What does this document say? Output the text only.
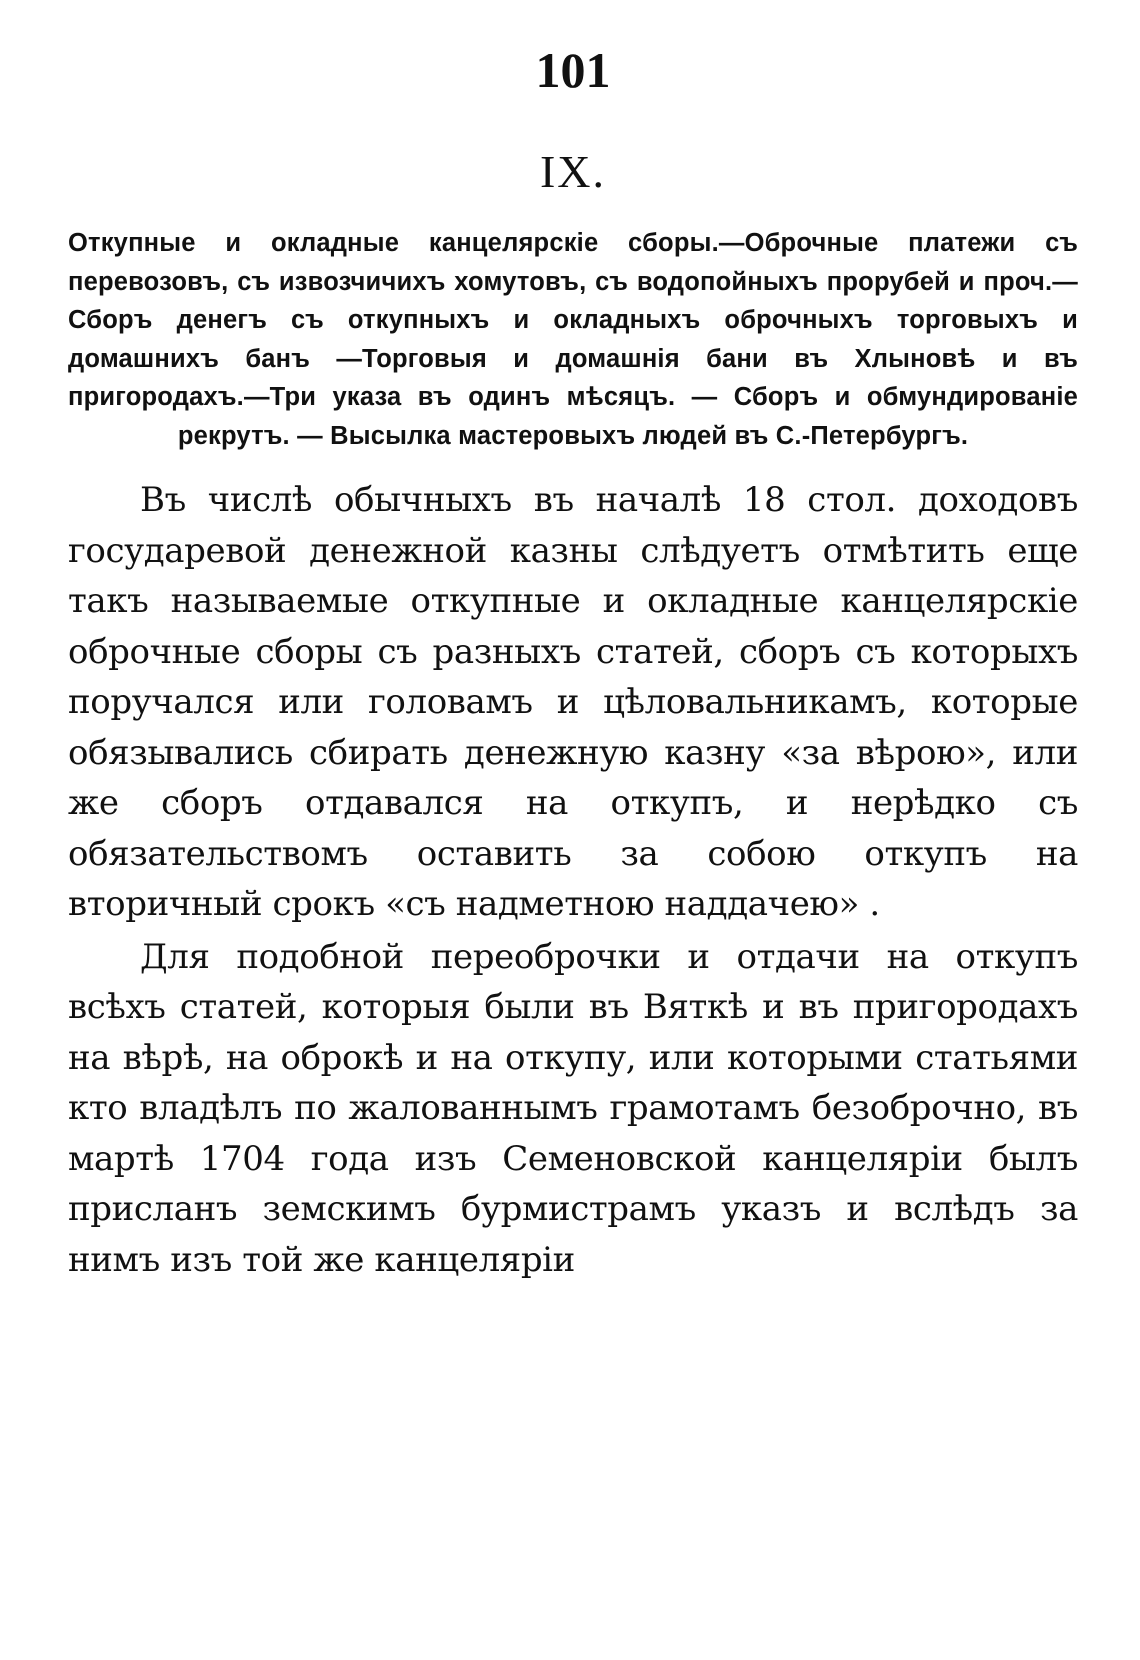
101
IX.
Откупные и окладные канцелярскіе сборы.—Оброчные платежи съ перевозовъ, съ извозчичихъ хомутовъ, съ водопойныхъ прорубей и проч.—Сборъ денегъ съ откупныхъ и окладныхъ оброчныхъ торговыхъ и домашнихъ банъ —Торговыя и домашнія бани въ Хлыновѣ и въ пригородахъ.—Три указа въ одинъ мѣсяцъ. — Сборъ и обмундированіе рекрутъ. — Высылка мастеровыхъ людей въ С.-Петербургъ.

Въ числѣ обычныхъ въ началѣ 18 стол. доходовъ государевой денежной казны слѣдуетъ отмѣтить еще такъ называемые откупные и окладные канцелярскіе оброчные сборы съ разныхъ статей, сборъ съ которыхъ поручался или головамъ и цѣловальникамъ, которые обязывались сбирать денежную казну «за вѣрою», или же сборъ отдавался на откупъ, и нерѣдко съ обязательствомъ оставить за собою откупъ на вторичный срокъ «съ надметною наддачею» .

Для подобной переоброчки и отдачи на откупъ всѣхъ статей, которыя были въ Вяткѣ и въ пригородахъ на вѣрѣ, на оброкѣ и на откупу, или которыми статьями кто владѣлъ по жалованнымъ грамотамъ безоброчно, въ мартѣ 1704 года изъ Семеновской канцеляріи былъ присланъ земскимъ бурмистрамъ указъ и вслѣдъ за нимъ изъ той же канцеляріи
